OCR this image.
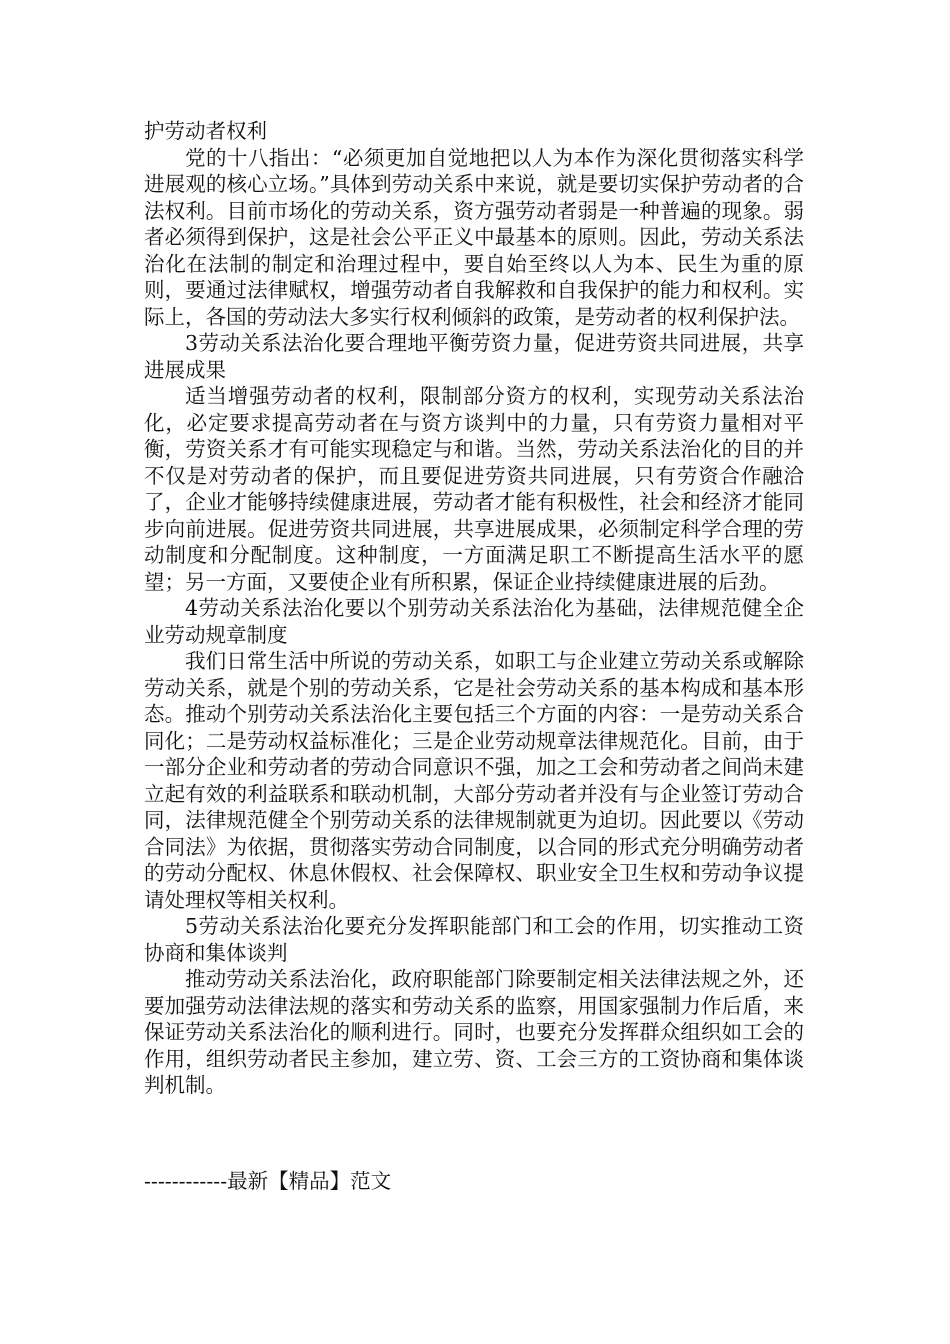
护劳动者权利

党的十八指出：“必须更加自觉地把以人为本作为深化贯彻落实科学进展观的核心立场。”具体到劳动关系中来说，就是要切实保护劳动者的合法权利。目前市场化的劳动关系，资方强劳动者弱是一种普遍的现象。弱者必须得到保护，这是社会公平正义中最基本的原则。因此，劳动关系法治化在法制的制定和治理过程中，要自始至终以人为本、民生为重的原则，要通过法律赋权，增强劳动者自我解救和自我保护的能力和权利。实际上，各国的劳动法大多实行权利倾斜的政策，是劳动者的权利保护法。

3劳动关系法治化要合理地平衡劳资力量，促进劳资共同进展，共享进展成果

适当增强劳动者的权利，限制部分资方的权利，实现劳动关系法治化，必定要求提高劳动者在与资方谈判中的力量，只有劳资力量相对平衡，劳资关系才有可能实现稳定与和谐。当然，劳动关系法治化的目的并不仅是对劳动者的保护，而且要促进劳资共同进展，只有劳资合作融洽了，企业才能够持续健康进展，劳动者才能有积极性，社会和经济才能同步向前进展。促进劳资共同进展，共享进展成果，必须制定科学合理的劳动制度和分配制度。这种制度，一方面满足职工不断提高生活水平的愿望；另一方面，又要使企业有所积累，保证企业持续健康进展的后劲。

4劳动关系法治化要以个别劳动关系法治化为基础，法律规范健全企业劳动规章制度

我们日常生活中所说的劳动关系，如职工与企业建立劳动关系或解除劳动关系，就是个别的劳动关系，它是社会劳动关系的基本构成和基本形态。推动个别劳动关系法治化主要包括三个方面的内容：一是劳动关系合同化；二是劳动权益标准化；三是企业劳动规章法律规范化。目前，由于一部分企业和劳动者的劳动合同意识不强，加之工会和劳动者之间尚未建立起有效的利益联系和联动机制，大部分劳动者并没有与企业签订劳动合同，法律规范健全个别劳动关系的法律规制就更为迫切。因此要以《劳动合同法》为依据，贯彻落实劳动合同制度，以合同的形式充分明确劳动者的劳动分配权、休息休假权、社会保障权、职业安全卫生权和劳动争议提请处理权等相关权利。

5劳动关系法治化要充分发挥职能部门和工会的作用，切实推动工资协商和集体谈判

推动劳动关系法治化，政府职能部门除要制定相关法律法规之外，还要加强劳动法律法规的落实和劳动关系的监察，用国家强制力作后盾，来保证劳动关系法治化的顺利进行。同时，也要充分发挥群众组织如工会的作用，组织劳动者民主参加，建立劳、资、工会三方的工资协商和集体谈判机制。

------------最新【精品】范文
